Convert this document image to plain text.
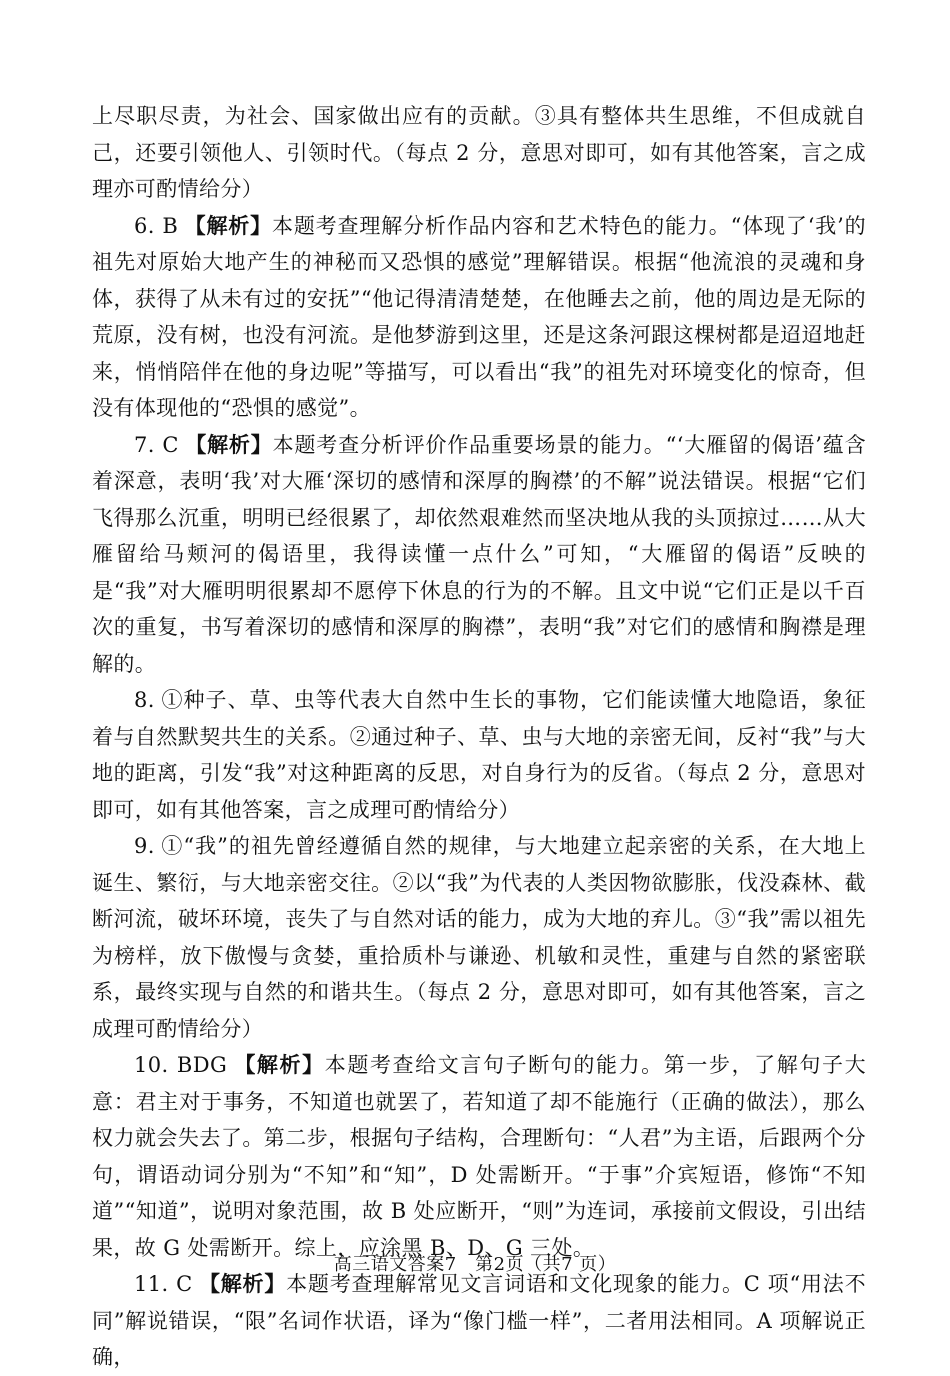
上尽职尽责，为社会、国家做出应有的贡献。③具有整体共生思维，不但成就自己，还要引领他人、引领时代。（每点 2 分，意思对即可，如有其他答案，言之成理亦可酌情给分）

6. B 【解析】本题考查理解分析作品内容和艺术特色的能力。“体现了‘我’的祖先对原始大地产生的神秘而又恐惧的感觉”理解错误。根据“他流浪的灵魂和身体，获得了从未有过的安抚”“他记得清清楚楚，在他睡去之前，他的周边是无际的荒原，没有树，也没有河流。是他梦游到这里，还是这条河跟这棵树都是迢迢地赶来，悄悄陪伴在他的身边呢”等描写，可以看出“我”的祖先对环境变化的惊奇，但没有体现他的“恐惧的感觉”。

7. C 【解析】本题考查分析评价作品重要场景的能力。“‘大雁留的偈语’蕴含着深意，表明‘我’对大雁‘深切的感情和深厚的胸襟’的不解”说法错误。根据“它们飞得那么沉重，明明已经很累了，却依然艰难然而坚决地从我的头顶掠过……从大雁留给马颊河的偈语里，我得读懂一点什么”可知，“大雁留的偈语”反映的是“我”对大雁明明很累却不愿停下休息的行为的不解。且文中说“它们正是以千百次的重复，书写着深切的感情和深厚的胸襟”，表明“我”对它们的感情和胸襟是理解的。

8. ①种子、草、虫等代表大自然中生长的事物，它们能读懂大地隐语，象征着与自然默契共生的关系。②通过种子、草、虫与大地的亲密无间，反衬“我”与大地的距离，引发“我”对这种距离的反思，对自身行为的反省。（每点 2 分，意思对即可，如有其他答案，言之成理可酌情给分）

9. ①“我”的祖先曾经遵循自然的规律，与大地建立起亲密的关系，在大地上诞生、繁衍，与大地亲密交往。②以“我”为代表的人类因物欲膨胀，伐没森林、截断河流，破坏环境，丧失了与自然对话的能力，成为大地的弃儿。③“我”需以祖先为榜样，放下傲慢与贪婪，重拾质朴与谦逊、机敏和灵性，重建与自然的紧密联系，最终实现与自然的和谐共生。（每点 2 分，意思对即可，如有其他答案，言之成理可酌情给分）

10. BDG 【解析】本题考查给文言句子断句的能力。第一步，了解句子大意：君主对于事务，不知道也就罢了，若知道了却不能施行（正确的做法），那么权力就会失去了。第二步，根据句子结构，合理断句：“人君”为主语，后跟两个分句，谓语动词分别为“不知”和“知”，D 处需断开。“于事”介宾短语，修饰“不知道”“知道”，说明对象范围，故 B 处应断开，“则”为连词，承接前文假设，引出结果，故 G 处需断开。综上，应涂黑 B、D、G 三处。

11. C 【解析】本题考查理解常见文言词语和文化现象的能力。C 项“用法不同”解说错误，“限”名词作状语，译为“像门槛一样”，二者用法相同。A 项解说正确，

高三语文答案7　第2页（共7 页）
